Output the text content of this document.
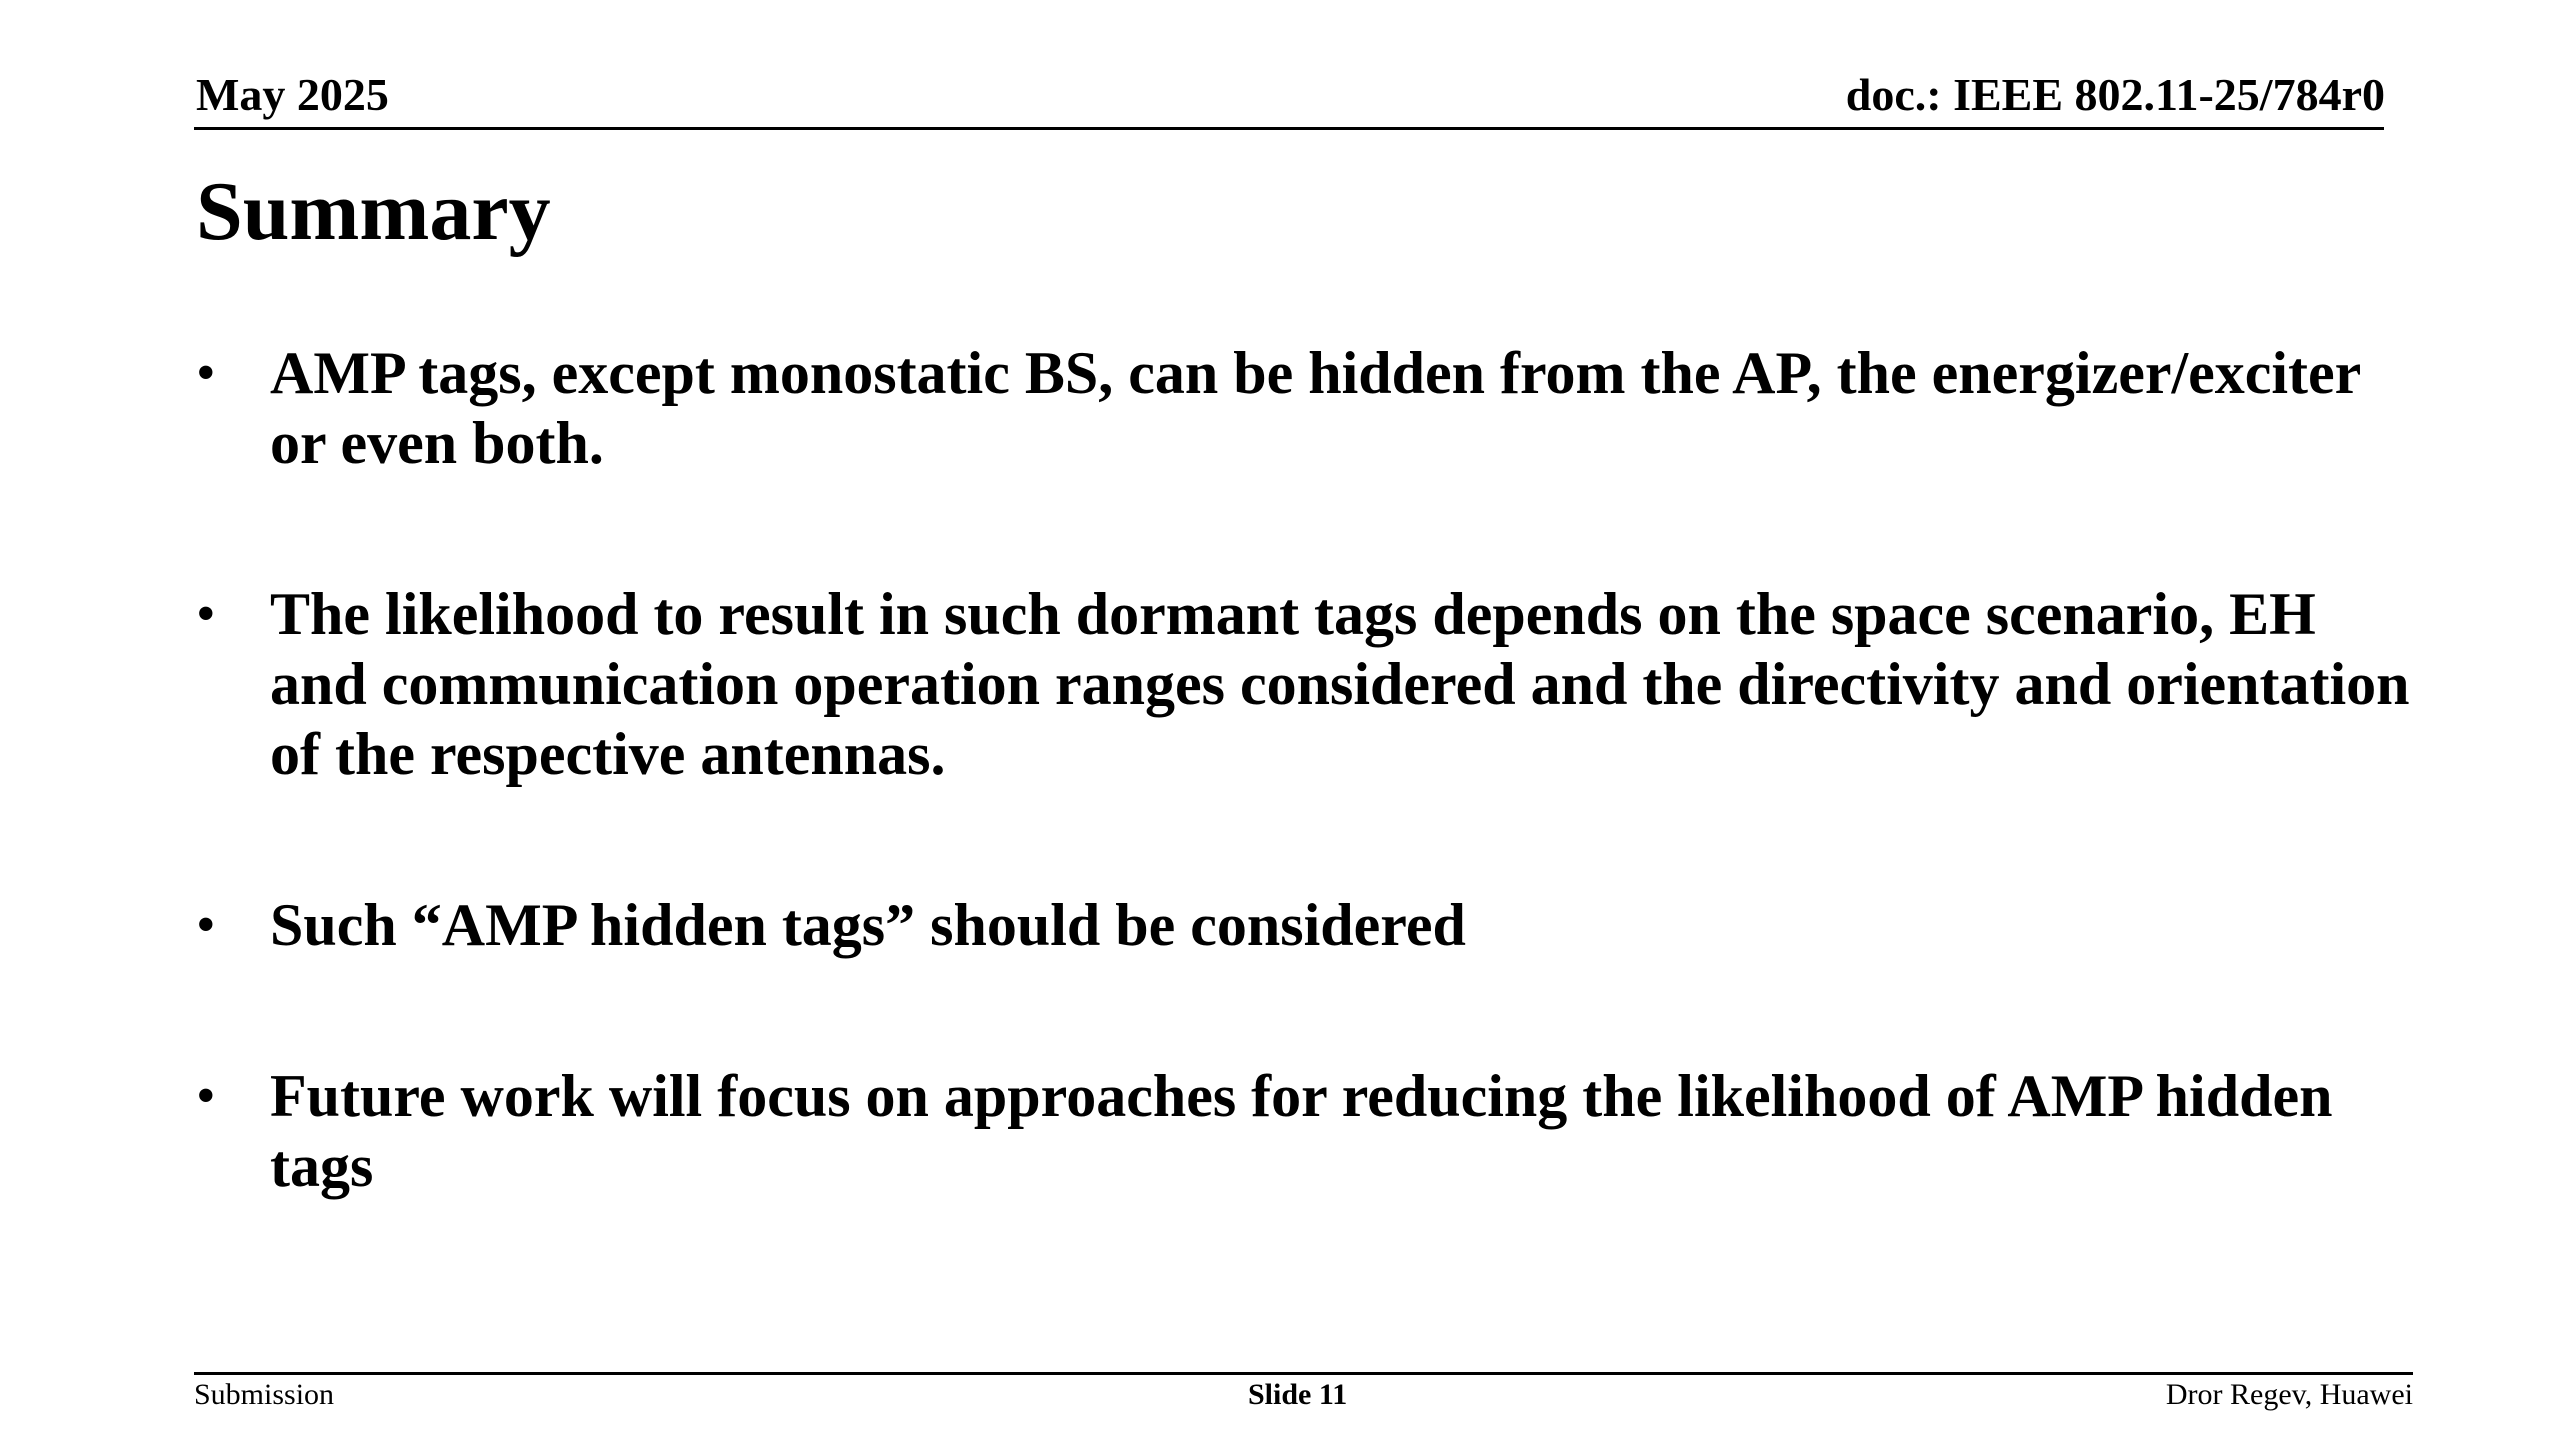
May 2025	doc.: IEEE 802.11-25/784r0
Summary
• AMP tags, except monostatic BS, can be hidden from the AP, the energizer/exciter or even both.
• The likelihood to result in such dormant tags depends on the space scenario, EH and communication operation ranges considered and the directivity and orientation of the respective antennas.
• Such “AMP hidden tags” should be considered
• Future work will focus on approaches for reducing the likelihood of AMP hidden tags
Submission	Slide 11	Dror Regev, Huawei
